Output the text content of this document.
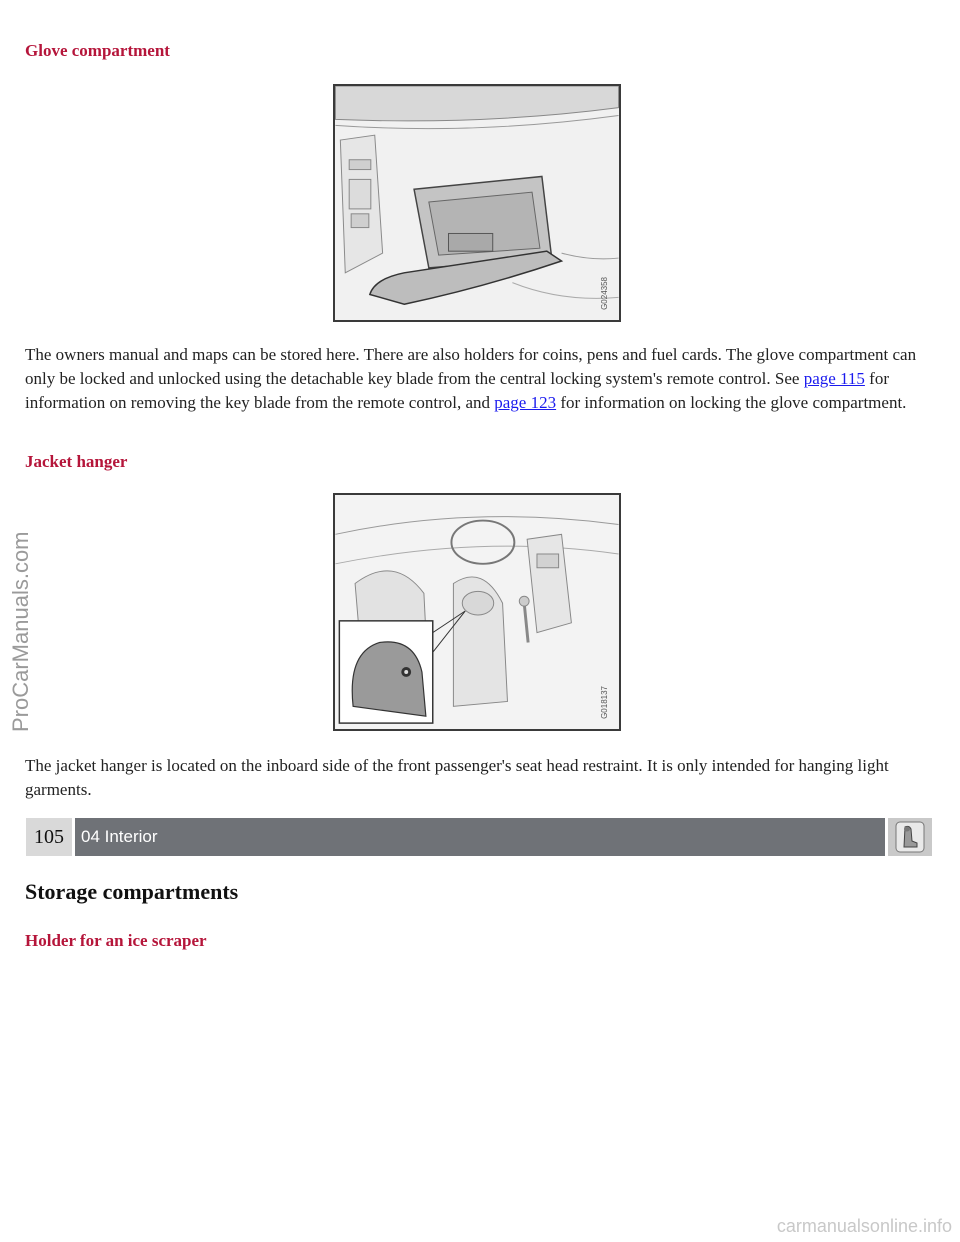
Glove compartment
G024358

The owners manual and maps can be stored here. There are also holders for coins, pens and fuel cards. The glove compartment can only be locked and unlocked using the detachable key blade from the central locking system's remote control. See page 115 for information on removing the key blade from the remote control, and page 123 for information on locking the glove compartment.

Jacket hanger
G018137

The jacket hanger is located on the inboard side of the front passenger's seat head restraint. It is only intended for hanging light garments.

ProCarManuals.com
105	04 Interior
Storage compartments
Holder for an ice scraper
carmanualsonline.info
